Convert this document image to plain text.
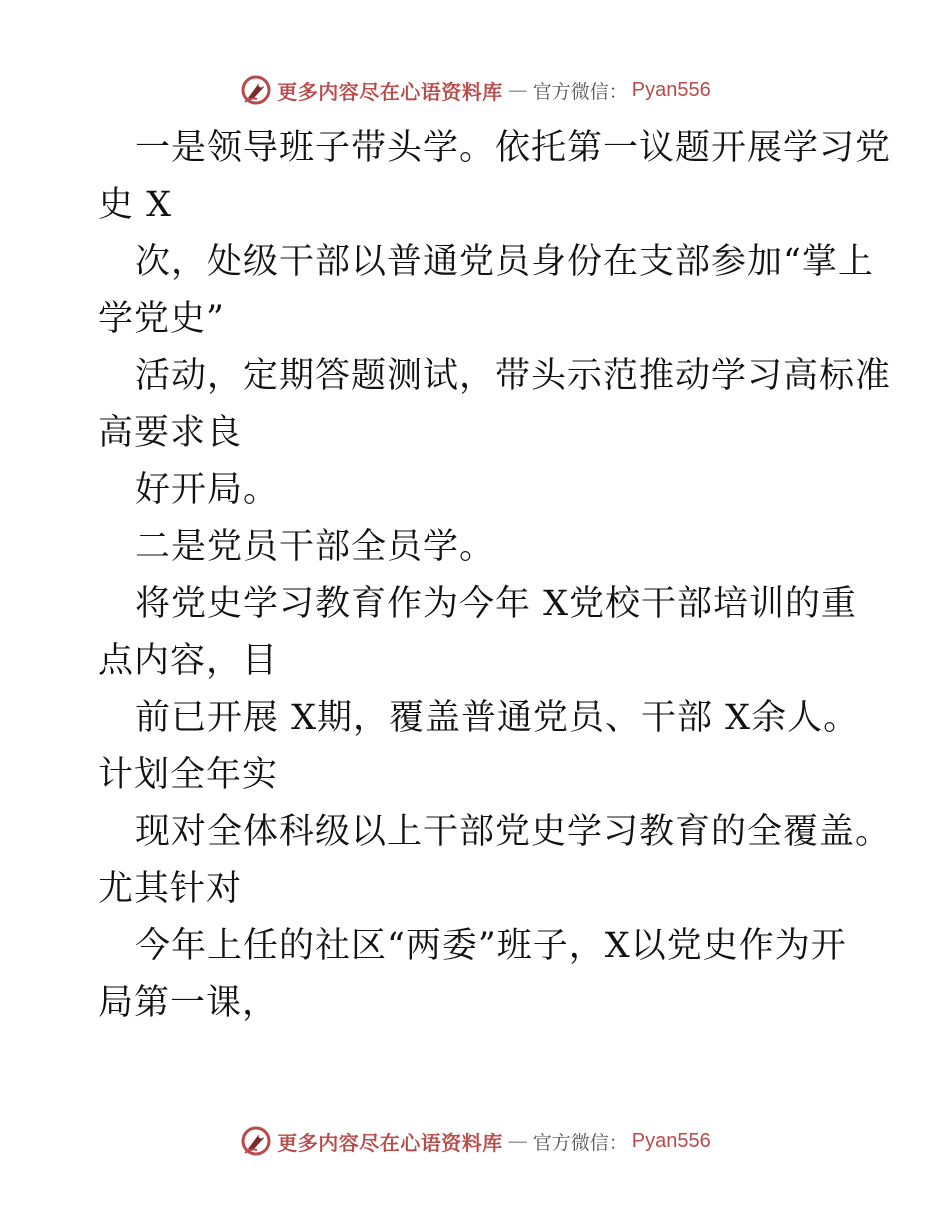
更多内容尽在心语资料库 — 官方微信： Pyan556
一是领导班子带头学。依托第一议题开展学习党
史 X
次，处级干部以普通党员身份在支部参加“掌上
学党史”
活动，定期答题测试，带头示范推动学习高标准
高要求良
好开局。
二是党员干部全员学。
将党史学习教育作为今年 X党校干部培训的重
点内容，目
前已开展 X期，覆盖普通党员、干部 X余人。
计划全年实
现对全体科级以上干部党史学习教育的全覆盖。
尤其针对
今年上任的社区“两委”班子，X以党史作为开
局第一课，
更多内容尽在心语资料库 — 官方微信： Pyan556
